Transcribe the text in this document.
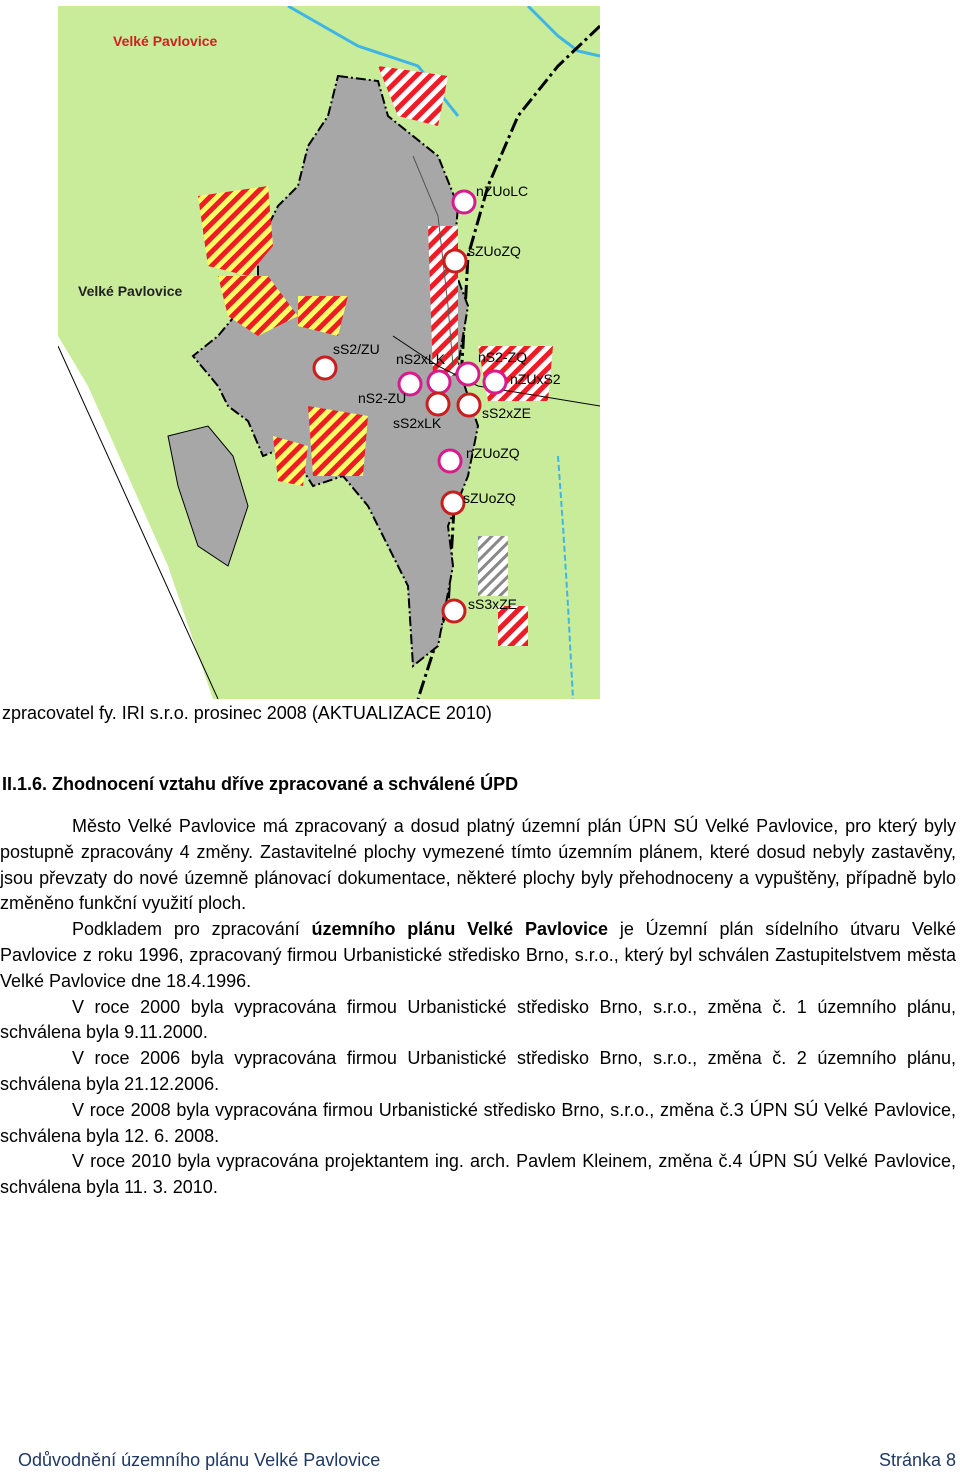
Velké Pavlovice
Velké Pavlovice
nZUoLC
sZUoZQ
sS2/ZU
nS2xLK nS2-ZQ
nZUxS2
nS2-ZU
sS2xZE
sS2xLK
nZUoZQ
sZUoZQ
sS3xZE
zpracovatel fy. IRI s.r.o. prosinec 2008 (AKTUALIZACE 2010)
II.1.6. Zhodnocení vztahu dříve zpracované a schválené ÚPD

Město Velké Pavlovice má zpracovaný a dosud platný územní plán ÚPN SÚ Velké Pavlovice, pro který byly postupně zpracovány 4 změny. Zastavitelné plochy vymezené tímto územním plánem, které dosud nebyly zastavěny, jsou převzaty do nové územně plánovací dokumentace, některé plochy byly přehodnoceny a vypuštěny, případně bylo změněno funkční využití ploch.

Podkladem pro zpracování územního plánu Velké Pavlovice je Územní plán sídelního útvaru Velké Pavlovice z roku 1996, zpracovaný firmou Urbanistické středisko Brno, s.r.o., který byl schválen Zastupitelstvem města Velké Pavlovice dne 18.4.1996.

V roce 2000 byla vypracována firmou Urbanistické středisko Brno, s.r.o., změna č. 1 územního plánu, schválena byla 9.11.2000.

V roce 2006 byla vypracována firmou Urbanistické středisko Brno, s.r.o., změna č. 2 územního plánu, schválena byla 21.12.2006.

V roce 2008 byla vypracována firmou Urbanistické středisko Brno, s.r.o., změna č.3 ÚPN SÚ Velké Pavlovice, schválena byla 12. 6. 2008.

V roce 2010 byla vypracována projektantem ing. arch. Pavlem Kleinem, změna č.4 ÚPN SÚ Velké Pavlovice, schválena byla 11. 3. 2010.

Odůvodnění územního plánu Velké Pavlovice	Stránka 8
